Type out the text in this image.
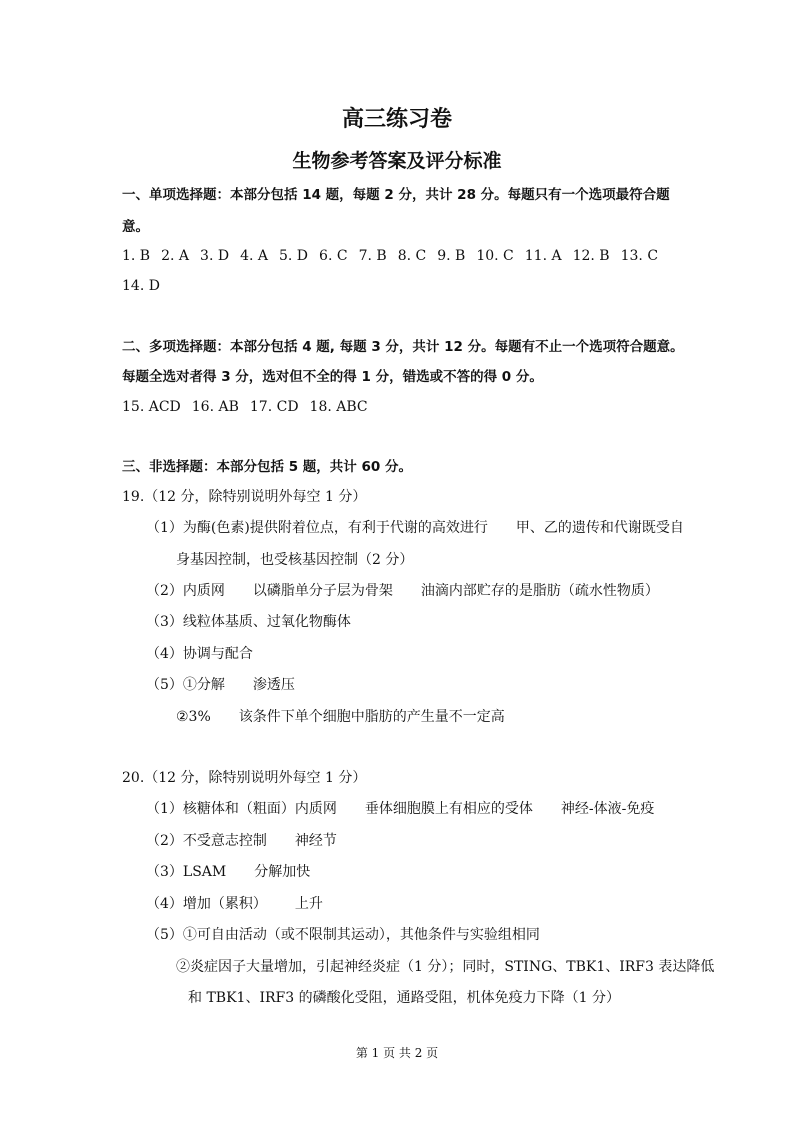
高三练习卷
生物参考答案及评分标准
一、单项选择题：本部分包括 14 题，每题 2 分，共计 28 分。每题只有一个选项最符合题
意。
1. B 2. A 3. D 4. A 5. D 6. C 7. B 8. C 9. B 10. C 11. A 12. B 13. C
14. D
二、多项选择题：本部分包括 4 题, 每题 3 分，共计 12 分。每题有不止一个选项符合题意。
每题全选对者得 3 分，选对但不全的得 1 分，错选或不答的得 0 分。
15. ACD 16. AB 17. CD 18. ABC
三、非选择题：本部分包括 5 题，共计 60 分。
19.（12 分，除特别说明外每空 1 分）
（1）为酶(色素)提供附着位点，有利于代谢的高效进行 甲、乙的遗传和代谢既受自
身基因控制，也受核基因控制（2 分）
（2）内质网 以磷脂单分子层为骨架 油滴内部贮存的是脂肪（疏水性物质）
（3）线粒体基质、过氧化物酶体
（4）协调与配合
（5）①分解 渗透压
②3% 该条件下单个细胞中脂肪的产生量不一定高
20.（12 分，除特别说明外每空 1 分）
（1）核糖体和（粗面）内质网 垂体细胞膜上有相应的受体 神经-体液-免疫
（2）不受意志控制 神经节
（3）LSAM 分解加快
（4）增加（累积） 上升
（5）①可自由活动（或不限制其运动），其他条件与实验组相同
②炎症因子大量增加，引起神经炎症（1 分）；同时，STING、TBK1、IRF3 表达降低
和 TBK1、IRF3 的磷酸化受阻，通路受阻，机体免疫力下降（1 分）
第 1 页 共 2 页
